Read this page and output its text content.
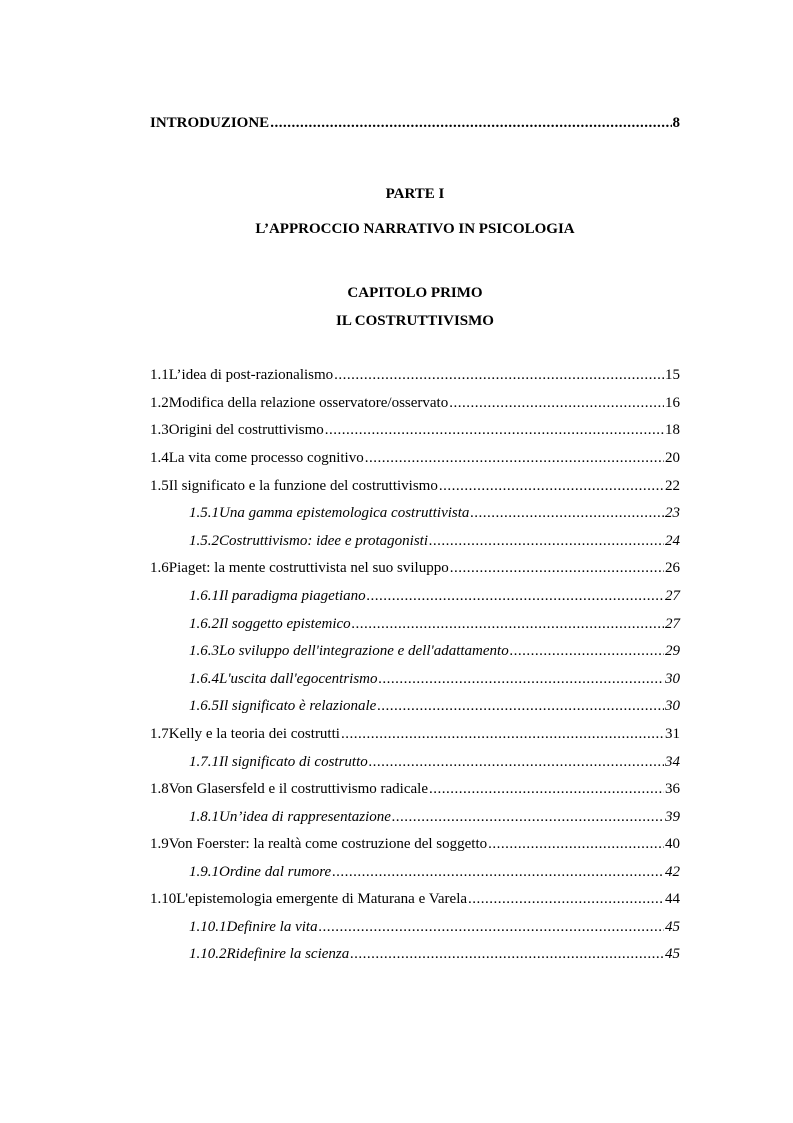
INTRODUZIONE .....	8
PARTE I
L’APPROCCIO NARRATIVO IN PSICOLOGIA
CAPITOLO PRIMO
IL COSTRUTTIVISMO
1.1 L’idea di post-razionalismo .....	15
1.2 Modifica della relazione osservatore/osservato .....	16
1.3 Origini del costruttivismo .....	18
1.4 La vita come processo cognitivo .....	20
1.5 Il significato e la funzione del costruttivismo .....	22
1.5.1 Una gamma epistemologica costruttivista .....	23
1.5.2 Costruttivismo: idee e protagonisti .....	24
1.6 Piaget: la mente costruttivista nel suo sviluppo .....	26
1.6.1 Il paradigma piagetiano .....	27
1.6.2 Il soggetto epistemico .....	27
1.6.3 Lo sviluppo dell'integrazione e dell'adattamento .....	29
1.6.4 L'uscita dall'egocentrismo .....	30
1.6.5 Il significato è relazionale .....	30
1.7 Kelly e la teoria dei costrutti .....	31
1.7.1 Il significato di costrutto .....	34
1.8 Von Glasersfeld e il costruttivismo radicale .....	36
1.8.1 Un’idea di rappresentazione .....	39
1.9 Von Foerster: la realtà come costruzione del soggetto .....	40
1.9.1 Ordine dal rumore .....	42
1.10 L'epistemologia emergente di Maturana e Varela .....	44
1.10.1 Definire la vita .....	45
1.10.2 Ridefinire la scienza .....	45
